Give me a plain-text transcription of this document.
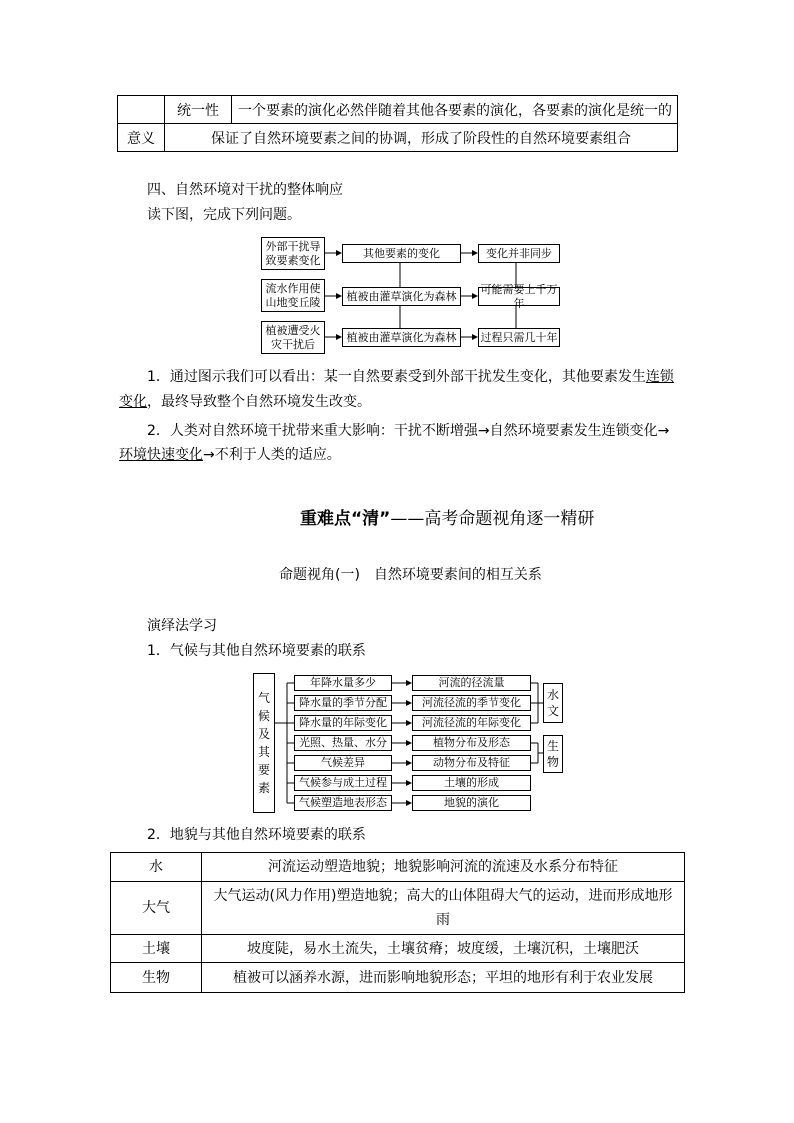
	统一性	一个要素的演化必然伴随着其他各要素的演化，各要素的演化是统一的
意义	保证了自然环境要素之间的协调，形成了阶段性的自然环境要素组合	
四、自然环境对干扰的整体响应
读下图，完成下列问题。
外部干扰导致要素变化
流水作用使山地变丘陵
植被遭受火灾干扰后
其他要素的变化
植被由灌草演化为森林
植被由灌草演化为森林
变化并非同步
可能需要上千万年
过程只需几十年
1．通过图示我们可以看出：某一自然要素受到外部干扰发生变化，其他要素发生连锁
变化，最终导致整个自然环境发生改变。
2．人类对自然环境干扰带来重大影响：干扰不断增强→自然环境要素发生连锁变化→
环境快速变化→不利于人类的适应。
重难点“清”——高考命题视角逐一精研
命题视角(一)　自然环境要素间的相互关系
演绎法学习
1．气候与其他自然环境要素的联系
气候及其要素
年降水量多少
降水量的季节分配
降水量的年际变化
光照、热量、水分
气候差异
气候参与成土过程
气候塑造地表形态
河流的径流量
河流径流的季节变化
河流径流的年际变化
植物分布及形态
动物分布及特征
土壤的形成
地貌的演化
水文
生物
2．地貌与其他自然环境要素的联系
水	河流运动塑造地貌；地貌影响河流的流速及水系分布特征
大气	大气运动(风力作用)塑造地貌；高大的山体阻碍大气的运动，进而形成地形雨
土壤	坡度陡，易水土流失，土壤贫瘠；坡度缓，土壤沉积，土壤肥沃
生物	植被可以涵养水源，进而影响地貌形态；平坦的地形有利于农业发展
